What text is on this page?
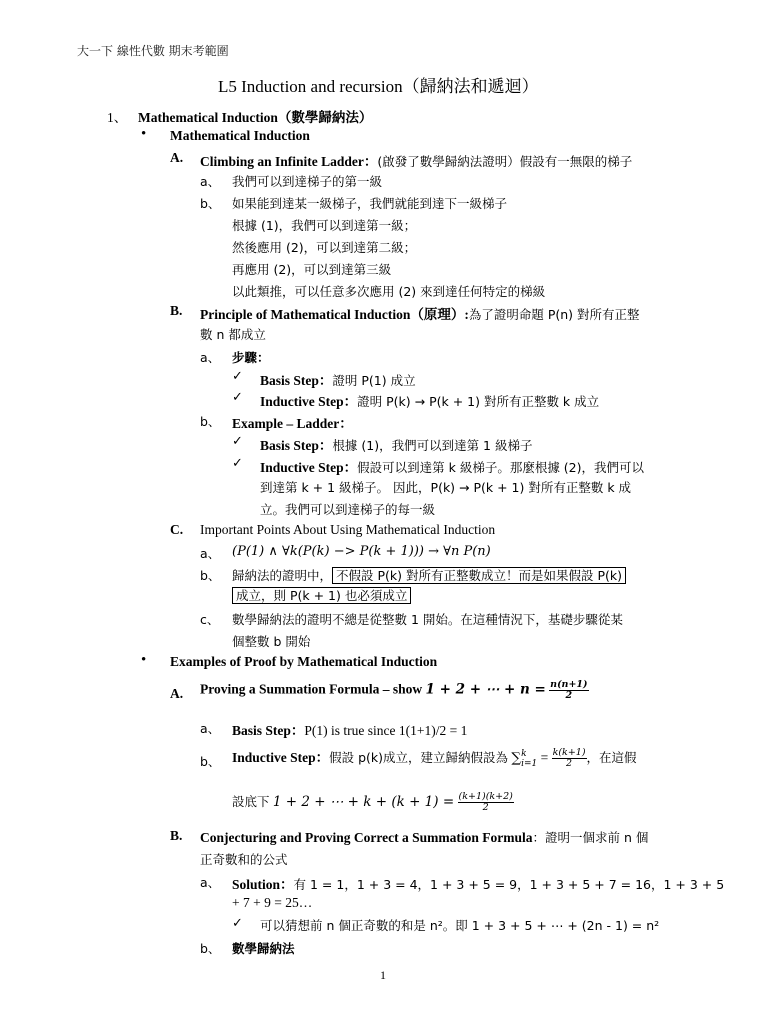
大一下 線性代數 期末考範圍
L5 Induction and recursion（歸納法和遞迴）
1、 Mathematical Induction（數學歸納法）
• Mathematical Induction
A. Climbing an Infinite Ladder：(啟發了數學歸納法證明）假設有一無限的梯子
a、 我們可以到達梯子的第一級
b、 如果能到達某一級梯子，我們就能到達下一級梯子
根據 (1)，我們可以到達第一級；
然後應用 (2)，可以到達第二級；
再應用 (2)，可以到達第三級
以此類推，可以任意多次應用 (2) 來到達任何特定的梯級
B. Principle of Mathematical Induction（原理）:為了證明命題 P(n) 對所有正整
數 n 都成立
a、 步驟：
✓ Basis Step：證明 P(1) 成立
✓ Inductive Step：證明 P(k) → P(k + 1) 對所有正整數 k 成立
b、 Example – Ladder：
✓ Basis Step：根據 (1)，我們可以到達第 1 級梯子
✓ Inductive Step：假設可以到達第 k 級梯子。那麼根據 (2)，我們可以
到達第 k + 1 級梯子。 因此，P(k) → P(k + 1) 對所有正整數 k 成
立。我們可以到達梯子的每一級
C. Important Points About Using Mathematical Induction
a、 (P(1) ∧ ∀k(P(k) −> P(k + 1))) → ∀n P(n)
b、 歸納法的證明中， 不假設 P(k) 對所有正整數成立！而是如果假設 P(k)
成立，則 P(k + 1) 也必須成立
c、 數學歸納法的證明不總是從整數 1 開始。在這種情況下，基礎步驟從某
個整數 b 開始
• Examples of Proof by Mathematical Induction
A. Proving a Summation Formula – show 1 + 2 + ⋯ + $n = \frac{n(n+1)}{2}$
a、 Basis Step：P(1) is true since 1(1+1)/2 = 1
b、 Inductive Step：假設 p(k)成立，建立歸納假設為 ∑ k
$i=1 = \frac{k(k+1)}{2}$ ，在這假
設底下 1 + 2 + ⋯ + $k + (k + 1) = \frac{(k+1)(k+2)}{2}$
B. Conjecturing and Proving Correct a Summation Formula：證明一個求前 n 個
正奇數和的公式
a、 Solution：有 1 = 1，1 + 3 = 4，1 + 3 + 5 = 9，1 + 3 + 5 + 7 = 16，1 + 3 + 5
+ 7 + 9 = 25…
✓ 可以猜想前 n 個正奇數的和是 n²。即 1 + 3 + 5 + ⋯ + (2n - 1) = n²
b、 數學歸納法
1
